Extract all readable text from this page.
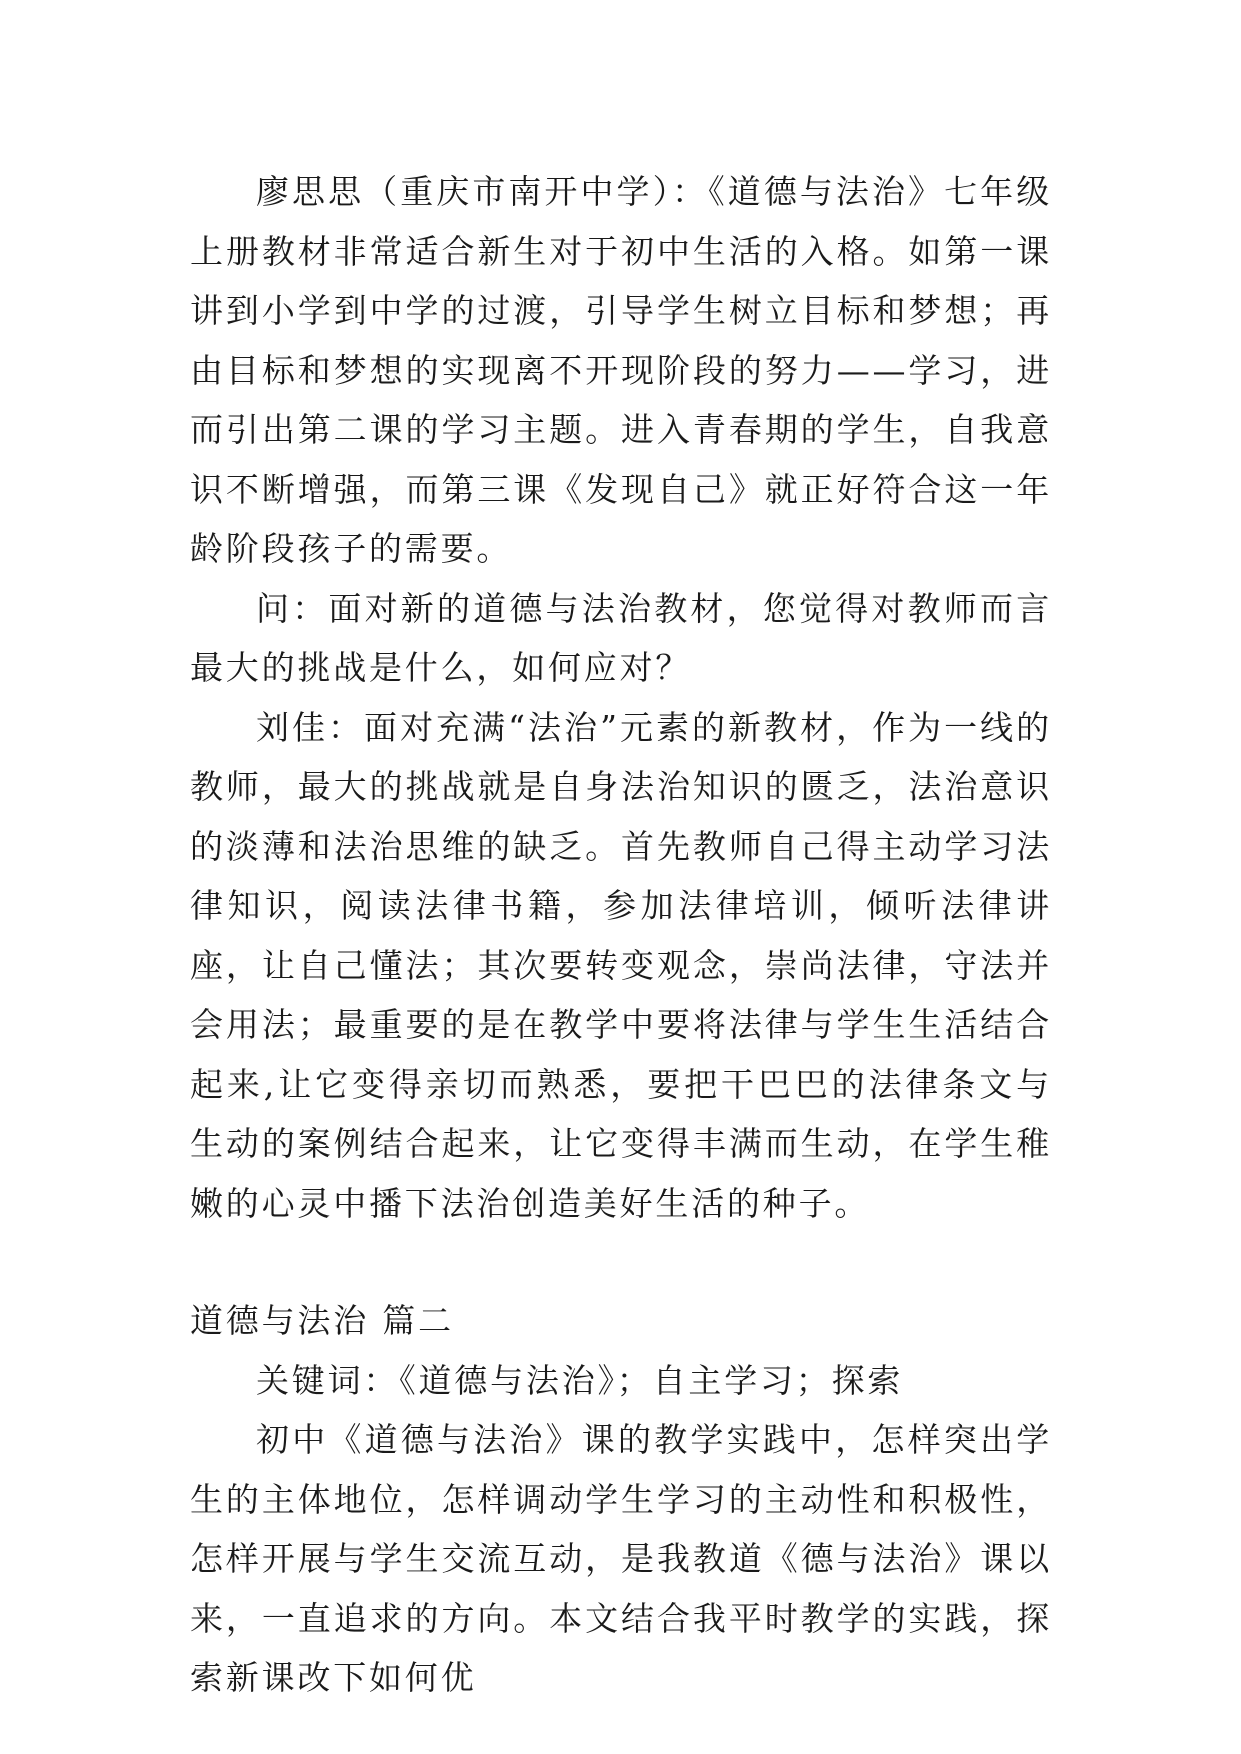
廖思思（重庆市南开中学）：《道德与法治》七年级上册教材非常适合新生对于初中生活的入格。如第一课讲到小学到中学的过渡，引导学生树立目标和梦想；再由目标和梦想的实现离不开现阶段的努力——学习，进而引出第二课的学习主题。进入青春期的学生，自我意识不断增强，而第三课《发现自己》就正好符合这一年龄阶段孩子的需要。

问：面对新的道德与法治教材，您觉得对教师而言最大的挑战是什么，如何应对？

刘佳：面对充满“法治”元素的新教材，作为一线的教师，最大的挑战就是自身法治知识的匮乏，法治意识的淡薄和法治思维的缺乏。首先教师自己得主动学习法律知识，阅读法律书籍，参加法律培训，倾听法律讲座，让自己懂法；其次要转变观念，崇尚法律，守法并会用法；最重要的是在教学中要将法律与学生生活结合起来,让它变得亲切而熟悉，要把干巴巴的法律条文与生动的案例结合起来，让它变得丰满而生动，在学生稚嫩的心灵中播下法治创造美好生活的种子。

道德与法治 篇二

关键词：《道德与法治》；自主学习；探索

初中《道德与法治》课的教学实践中，怎样突出学生的主体地位，怎样调动学生学习的主动性和积极性，怎样开展与学生交流互动，是我教道《德与法治》课以来，一直追求的方向。本文结合我平时教学的实践，探索新课改下如何优
